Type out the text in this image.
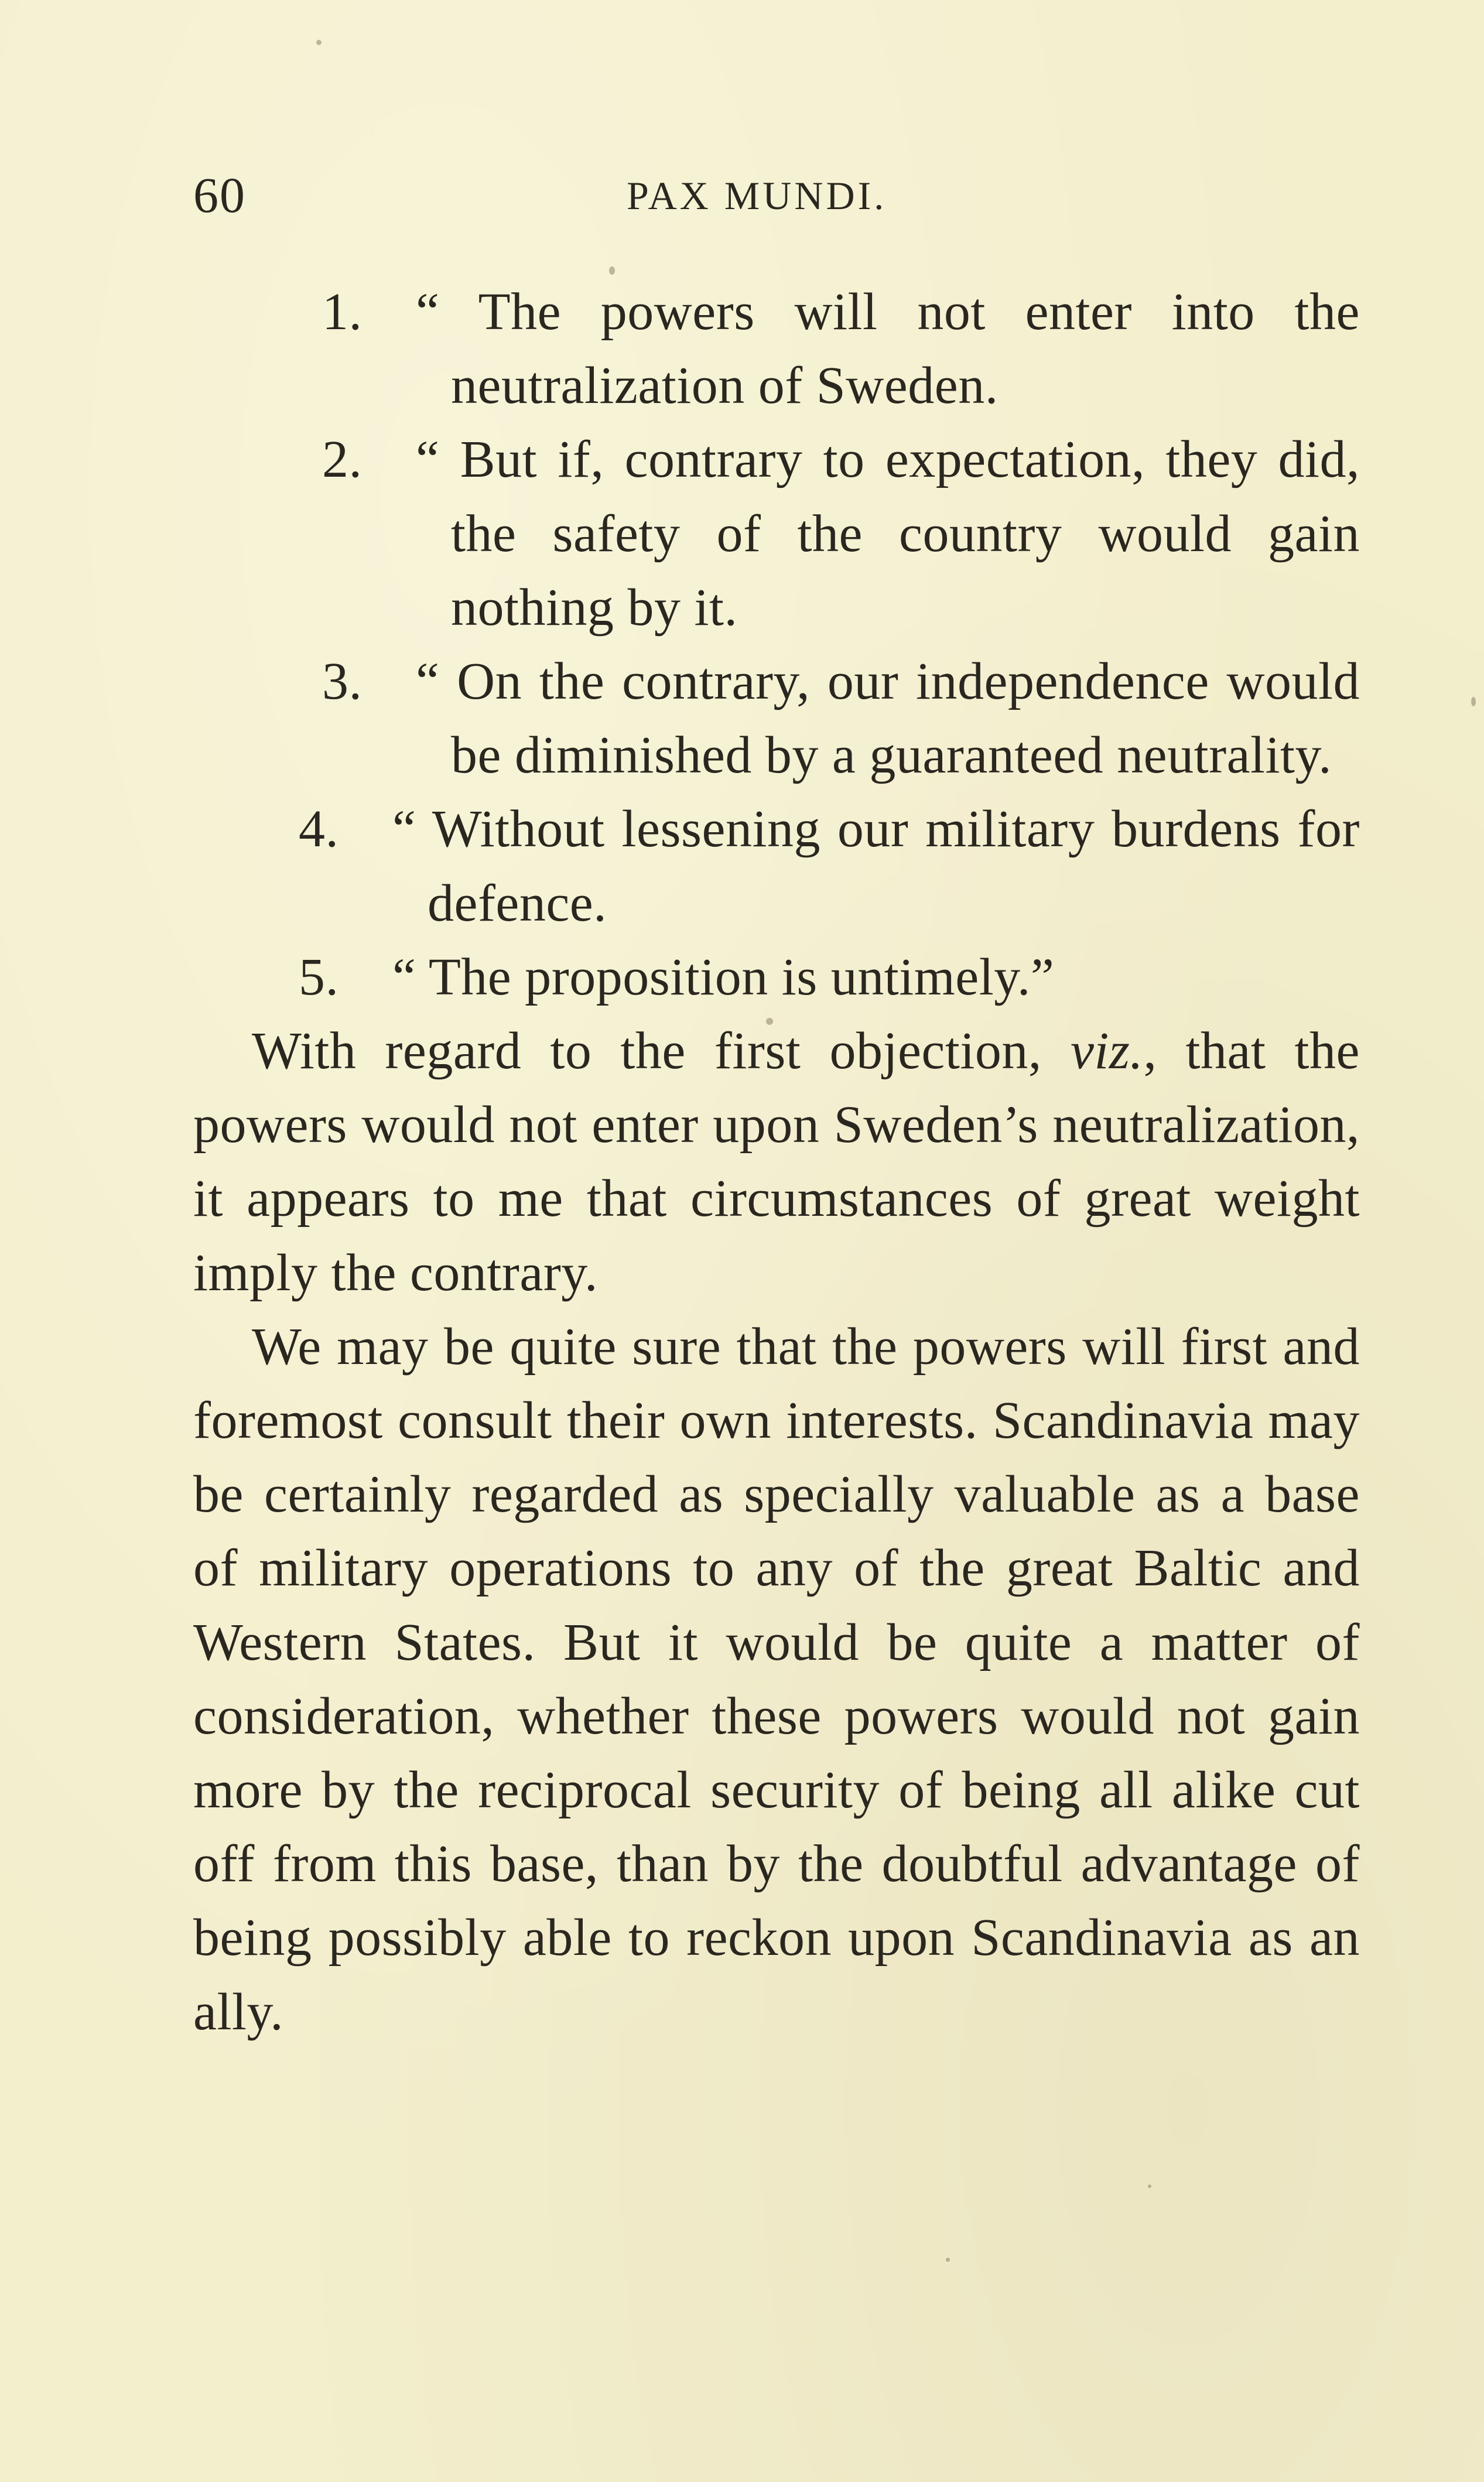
60	PAX MUNDI.

1. “ The powers will not enter into the neutralization of Sweden.

2. “ But if, contrary to expectation, they did, the safety of the country would gain nothing by it.

3. “ On the contrary, our independence would be diminished by a guaranteed neutrality.

4. “ Without lessening our military burdens for defence.

5. “ The proposition is untimely.”

With regard to the first objection, viz., that the powers would not enter upon Sweden’s neutralization, it appears to me that circumstances of great weight imply the contrary.

We may be quite sure that the powers will first and foremost consult their own interests. Scandinavia may be certainly regarded as specially valuable as a base of military operations to any of the great Baltic and Western States. But it would be quite a matter of consideration, whether these powers would not gain more by the reciprocal security of being all alike cut off from this base, than by the doubtful advantage of being possibly able to reckon upon Scandinavia as an ally.
